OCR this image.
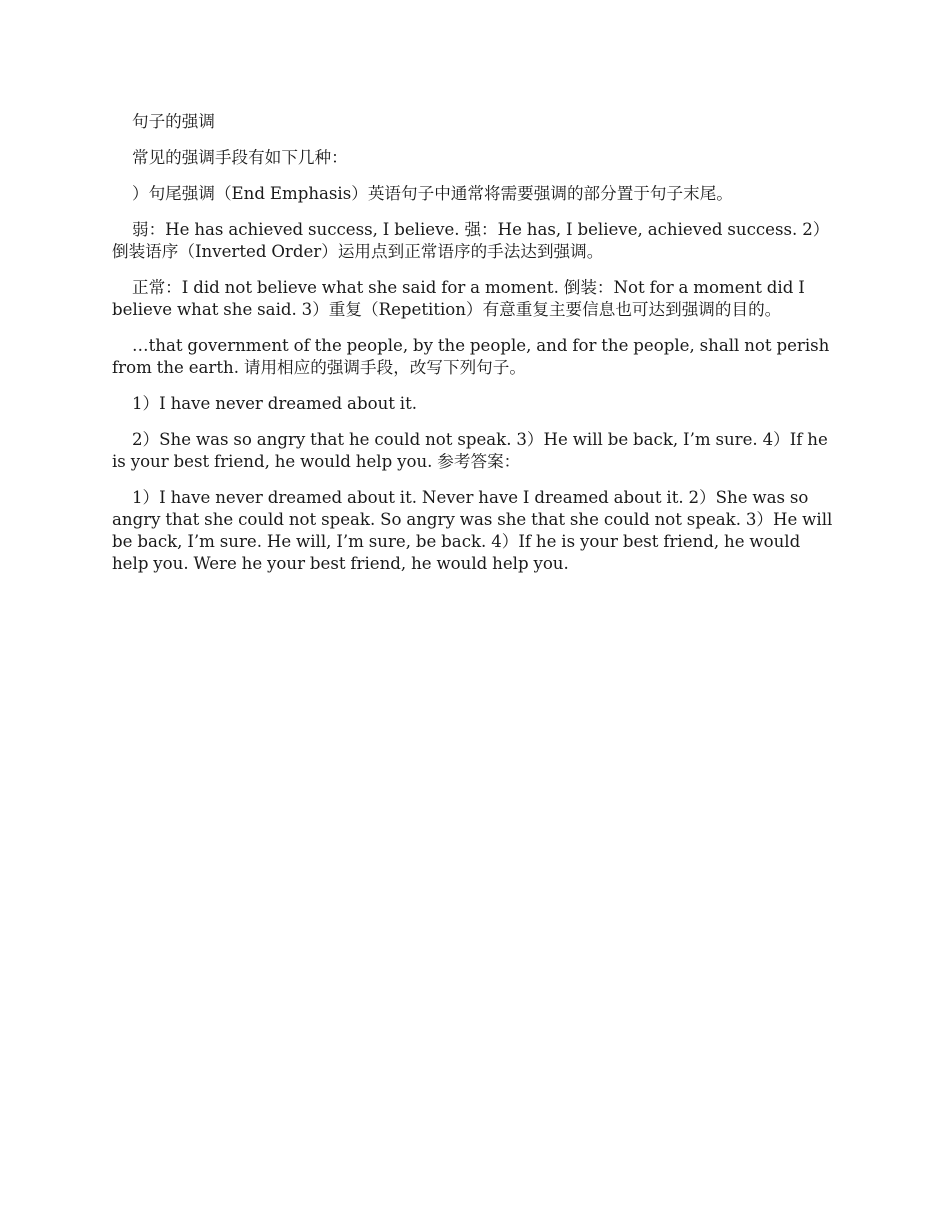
句子的强调

常见的强调手段有如下几种：

）句尾强调（End Emphasis）英语句子中通常将需要强调的部分置于句子末尾。

弱：He has achieved success, I believe. 强：He has, I believe, achieved success. 2）倒装语序（Inverted Order）运用点到正常语序的手法达到强调。

正常：I did not believe what she said for a moment. 倒装：Not for a moment did I believe what she said. 3）重复（Repetition）有意重复主要信息也可达到强调的目的。

…that government of the people, by the people, and for the people, shall not perish from the earth. 请用相应的强调手段，改写下列句子。

1）I have never dreamed about it.

2）She was so angry that he could not speak. 3）He will be back, I’m sure. 4）If he is your best friend, he would help you. 参考答案：

1）I have never dreamed about it. Never have I dreamed about it. 2）She was so angry that she could not speak. So angry was she that she could not speak. 3）He will be back, I’m sure. He will, I’m sure, be back. 4）If he is your best friend, he would help you. Were he your best friend, he would help you.
